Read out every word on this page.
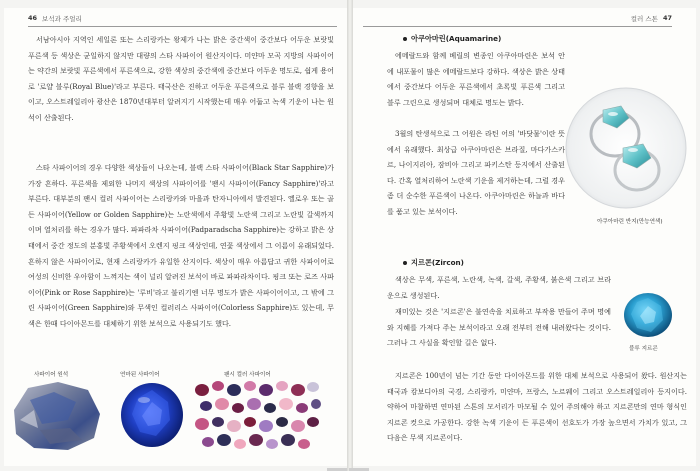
46 보석과 주얼리
서남아시아 지역인 세일론 또는 스리랑카는 왕제가 나는 밝은 중간색이 중간보다 어두운 보랏빛 푸른색 등 색상은 균일하지 않지만 대량의 스타 사파이어 원산지이다. 미얀마 모곡 지방의 사파이어는 약간의 보랏빛 푸른색에서 푸른색으로, 강한 색상의 중간색에 중간보다 어두운 명도로, 쉽게 용어로 '로얄 블루(Royal Blue)'라고 부른다. 태국산은 진하고 어두운 푸른색으로 블루 블랙 경향을 보이고, 오스트레일리아 광산은 1870년대부터 알려지기 시작했는데 매우 어둡고 녹색 기운이 나는 원석이 산출된다.
스타 사파이어의 경우 다양한 색상들이 나오는데, 블랙 스타 사파이어(Black Star Sapphire)가 가장 흔하다. 푸른색을 제외한 나머지 색상의 사파이어를 '팬시 사파이어(Fancy Sapphire)'라고 부른다. 대부분의 팬시 컬러 사파이어는 스리랑카와 마을과 탄자니아에서 발견된다. 옐로우 또는 골든 사파이어(Yellow or Golden Sapphire)는 노란색에서 주황빛 노란색 그리고 노란빛 갈색까지이며 열처리를 하는 경우가 많다. 파파라차 사파이어(Padparadscha Sapphire)는 강하고 밝은 상태에서 중간 정도의 분홍빛 주황색에서 오렌지 핑크 색상인데, 연꽃 색상에서 그 이름이 유래되었다. 흔하지 않은 사파이어로, 현재 스리랑카가 유일한 산지이다. 색상이 매우 아름답고 귀한 사파이어로 여성의 신비한 우아함이 느껴지는 색이 널리 알려진 보석이 바로 파파라차이다. 핑크 또는 로즈 사파이어(Pink or Rose Sapphire)는 '루비'라고 불리기엔 너무 명도가 밝은 사파이어이고, 그 밖에 그린 사파이어(Green Sapphire)와 무색인 컬러리스 사파이어(Colorless Sapphire)도 있는데, 무색은 한때 다이아몬드를 대체하기 위한 보석으로 사용되기도 했다.
사파이어 원석	연마된 사파이어	팬시 컬러 사파이어
컬러 스톤 47
아쿠아마린(Aquamarine)
에메랄드와 함께 베릴의 변종인 아쿠아마린은 보석 안에 내포물이 많은 에메랄드보다 강하다. 색상은 밝은 상태에서 중간보다 어두운 푸른색에서 초록빛 푸른색 그리고 블루 그린으로 생성되며 대체로 명도는 밝다.
3월의 탄생석으로 그 어원은 라틴 어의 '바닷물'이란 뜻에서 유래했다. 최상급 아쿠아마린은 브라질, 마다가스카르, 나이지리아, 잠비아 그리고 파키스탄 등지에서 산출된다. 간혹 열처리하여 노란색 기운을 제거하는데, 그럴 경우 좀 더 순수한 푸른색이 나온다. 아쿠아마린은 하늘과 바다를 품고 있는 보석이다.
아쿠아마린 반지(만능연색)
지르콘(Zircon)
색상은 무색, 푸른색, 노란색, 녹색, 갈색, 주황색, 붉은색 그리고 브라운으로 생성된다.
재미있는 것은 '지르콘'은 불연속을 치료하고 부작용 만들어 주며 명예와 지혜를 가져다 주는 보석이라고 오래 전부터 전해 내려왔다는 것이다. 그러나 그 사실을 확인할 길은 없다.
지르콘은 100년이 넘는 기간 동안 다이아몬드를 위한 대체 보석으로 사용되어 왔다. 원산지는 태국과 캄보디아의 국경, 스리랑카, 미얀마, 프랑스, 노르웨이 그리고 오스트레일리아 등지이다. 약하여 마찰하면 연마된 스톤의 모서리가 마모될 수 있어 주의해야 하고 지르콘만의 연마 형식인 지르콘 컷으로 가공한다. 강한 녹색 기운이 든 푸른색이 선호도가 가장 높으면서 가치가 있고, 그 다음은 무색 지르콘이다.
블루 지르콘
